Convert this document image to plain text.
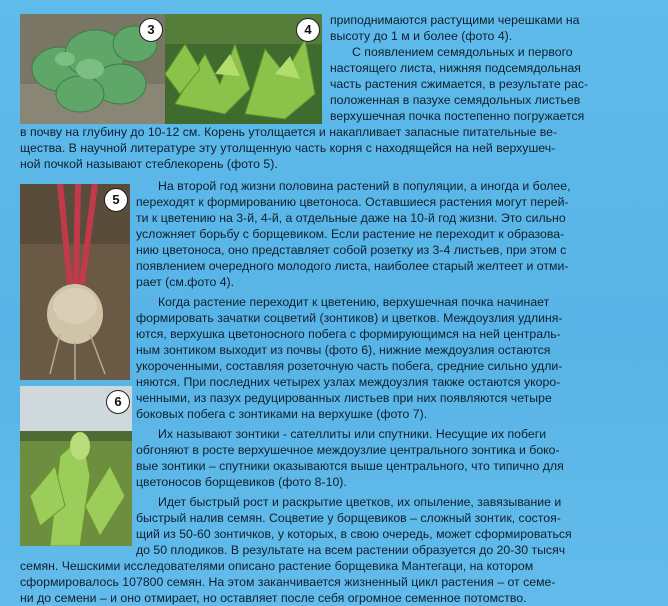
3	4
5
6

приподнимаются растущими черешками на

высоту до 1 м и более (фото 4).

С появлением семядольных и первого

настоящего листа, нижняя подсемядольная

часть растения сжимается, в результате рас-

положенная в пазухе семядольных листьев

верхушечная почка постепенно погружается

в почву на глубину до 10-12 см. Корень утолщается и накапливает запасные питательные ве-

щества. В научной литературе эту утолщенную часть корня с находящейся на ней верхушеч-

ной почкой называют стеблекорень (фото 5).

На второй год жизни половина растений в популяции, а иногда и более,

переходят к формированию цветоноса. Оставшиеся растения могут перей-

ти к цветению на 3-й, 4-й, а отдельные даже на 10-й год жизни. Это сильно

усложняет борьбу с борщевиком. Если растение не переходит к образова-

нию цветоноса, оно представляет собой розетку из 3-4 листьев, при этом с

появлением очередного молодого листа, наиболее старый желтеет и отми-

рает (см.фото 4).

Когда растение переходит к цветению, верхушечная почка начинает

формировать зачатки соцветий (зонтиков) и цветков. Междоузлия удлиня-

ются, верхушка цветоносного побега с формирующимся на ней централь-

ным зонтиком выходит из почвы (фото 6), нижние междоузлия остаются

укороченными, составляя розеточную часть побега, средние сильно удли-

няются. При последних четырех узлах междоузлия также остаются укоро-

ченными, из пазух редуцированных листьев при них появляются четыре

боковых побега с зонтиками на верхушке (фото 7).

Их называют зонтики - сателлиты или спутники. Несущие их побеги

обгоняют в росте верхушечное междоузлие центрального зонтика и боко-

вые зонтики – спутники оказываются выше центрального, что типично для

цветоносов борщевиков (фото 8-10).

Идет быстрый рост и раскрытие цветков, их опыление, завязывание и

быстрый налив семян. Соцветие у борщевиков – сложный зонтик, состоя-

щий из 50-60 зонтичков, у которых, в свою очередь, может сформироваться

до 50 плодиков. В результате на всем растении образуется до 20-30 тысяч

семян. Чешскими исследователями описано растение борщевика Мантегаци, на котором

сформировалось 107800 семян. На этом заканчивается жизненный цикл растения – от семе-

ни до семени – и оно отмирает, но оставляет после себя огромное семенное потомство.
